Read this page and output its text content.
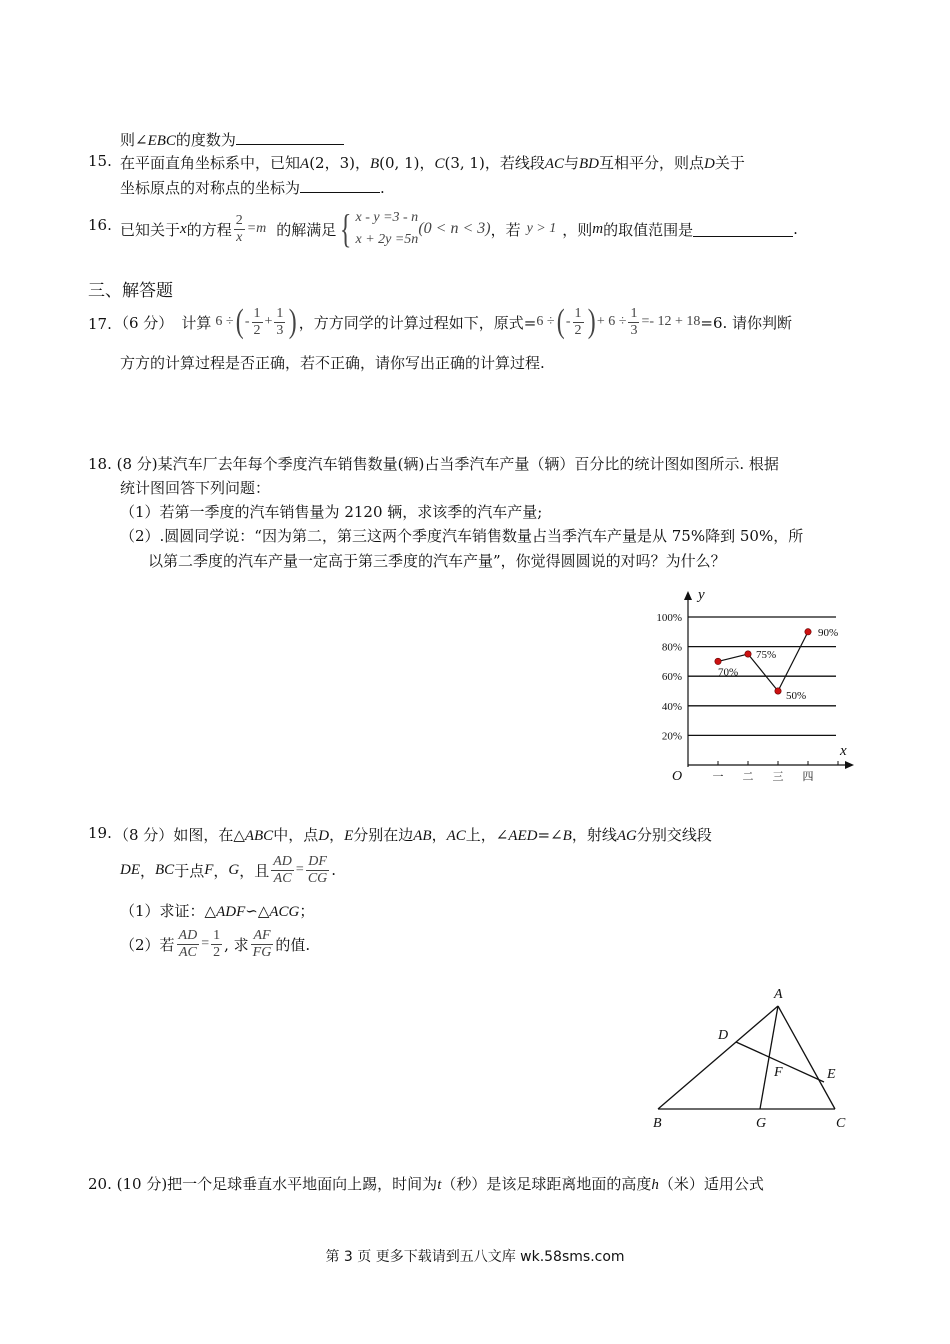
则∠EBC的度数为
15. 在平面直角坐标系中，已知A(2，3)，B(0, 1)，C(3, 1)，若线段AC与BD互相平分，则点D关于
坐标原点的对称点的坐标为	.
16. 已知关于 x 的方程 $\frac{2}{x} =m$ 的解满足 { x - y =3 - n
x + 2y =5n
(0 < n < 3) ，若 y > 1 ，则 m 的取值范围是	.
三、解答题
17. （6 分） 计算 6 ÷ ( - $\frac{1}{2} + \frac{1}{3}$ ) ，方方同学的计算过程如下，原式= 6 ÷ ( - $\frac{1}{2}$ ) + $6 \div \frac{1}{3} =- 12 + 18 =6$. 请你判断
方方的计算过程是否正确，若不正确，请你写出正确的计算过程.
18. (8 分)某汽车厂去年每个季度汽车销售数量(辆)占当季汽车产量（辆）百分比的统计图如图所示. 根据
统计图回答下列问题：
（1）若第一季度的汽车销售量为 2120 辆，求该季的汽车产量;
（2）.圆圆同学说：“因为第二，第三这两个季度汽车销售数量占当季汽车产量是从 75%降到 50%，所
以第二季度的汽车产量一定高于第三季度的汽车产量”，你觉得圆圆说的对吗？为什么？
20%
40%
60%
80%
100%
y
x
O	一 二 三 四
70%
75%
50%
90%
19. （8 分）如图，在△ABC中，点D，E分别在边AB，AC上，∠AED=∠B，射线AG分别交线段
DE ， BC 于点 F ， G ，且 $\frac{AD}{AC} = \frac{DF}{CG}$ .
（1）求证：△ADF∽△ACG；
（2）若 $\frac{AD}{AC} = \frac{1}{2}$ , 求 $\frac{AF}{FG}$ 的值.
A
B	C
D
E
F
G
20. (10 分)把一个足球垂直水平地面向上踢，时间为t（秒）是该足球距离地面的高度h（米）适用公式
第 3 页 更多下载请到五八文库 wk.58sms.com
